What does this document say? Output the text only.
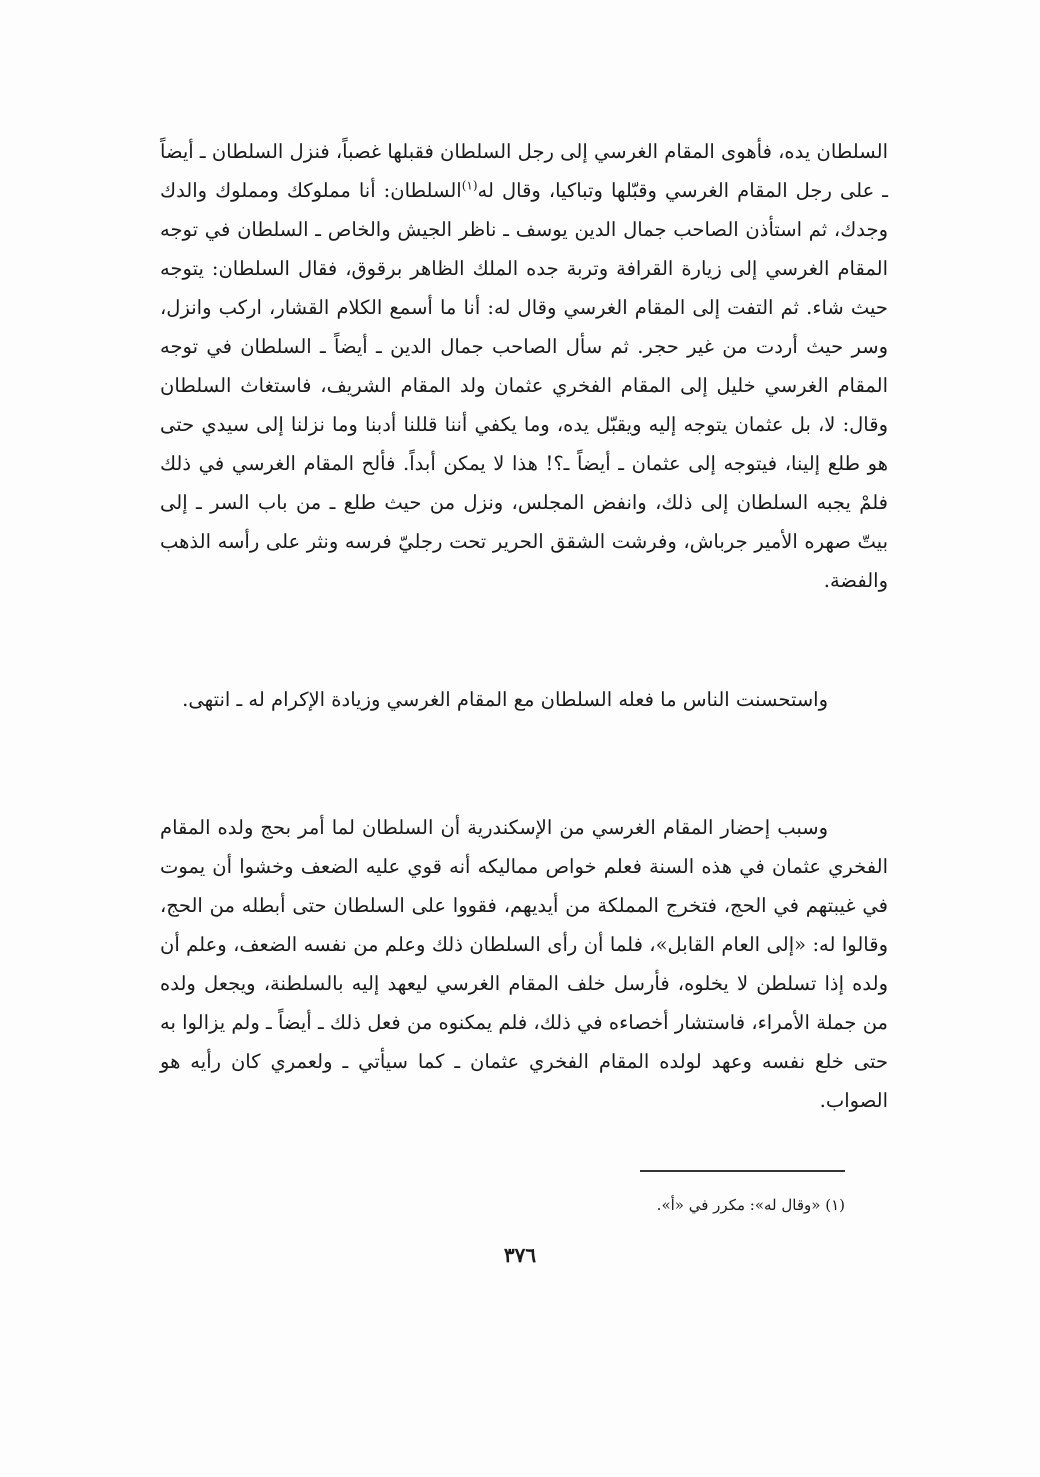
السلطان يده، فأهوى المقام الغرسي إلى رجل السلطان فقبلها غصباً، فنزل السلطان ـ أيضاً ـ على رجل المقام الغرسي وقبّلها وتباكيا، وقال له$^{(١)}$السلطان: أنا مملوكك ومملوك والدك وجدك، ثم استأذن الصاحب جمال الدين يوسف ـ ناظر الجيش والخاص ـ السلطان في توجه المقام الغرسي إلى زيارة القرافة وتربة جده الملك الظاهر برقوق، فقال السلطان: يتوجه حيث شاء. ثم التفت إلى المقام الغرسي وقال له: أنا ما أسمع الكلام القشار، اركب وانزل، وسر حيث أردت من غير حجر. ثم سأل الصاحب جمال الدين ـ أيضاً ـ السلطان في توجه المقام الغرسي خليل إلى المقام الفخري عثمان ولد المقام الشريف، فاستغاث السلطان وقال: لا، بل عثمان يتوجه إليه ويقبّل يده، وما يكفي أننا قللنا أدبنا وما نزلنا إلى سيدي حتى هو طلع إلينا، فيتوجه إلى عثمان ـ أيضاً ـ؟! هذا لا يمكن أبداً. فألح المقام الغرسي في ذلك فلمْ يجبه السلطان إلى ذلك، وانفض المجلس، ونزل من حيث طلع ـ من باب السر ـ إلى بيتّ صهره الأمير جرباش، وفرشت الشقق الحرير تحت رجليّ فرسه ونثر على رأسه الذهب والفضة.

واستحسنت الناس ما فعله السلطان مع المقام الغرسي وزيادة الإكرام له ـ انتهى.

وسبب إحضار المقام الغرسي من الإسكندرية أن السلطان لما أمر بحج ولده المقام الفخري عثمان في هذه السنة فعلم خواص مماليكه أنه قوي عليه الضعف وخشوا أن يموت في غيبتهم في الحج، فتخرج المملكة من أيديهم، فقووا على السلطان حتى أبطله من الحج، وقالوا له: «إلى العام القابل»، فلما أن رأى السلطان ذلك وعلم من نفسه الضعف، وعلم أن ولده إذا تسلطن لا يخلوه، فأرسل خلف المقام الغرسي ليعهد إليه بالسلطنة، ويجعل ولده من جملة الأمراء، فاستشار أخصاءه في ذلك، فلم يمكنوه من فعل ذلك ـ أيضاً ـ ولم يزالوا به حتى خلع نفسه وعهد لولده المقام الفخري عثمان ـ كما سيأتي ـ ولعمري كان رأيه هو الصواب.

(١) «وقال له»: مكرر في «أ».
٣٧٦
